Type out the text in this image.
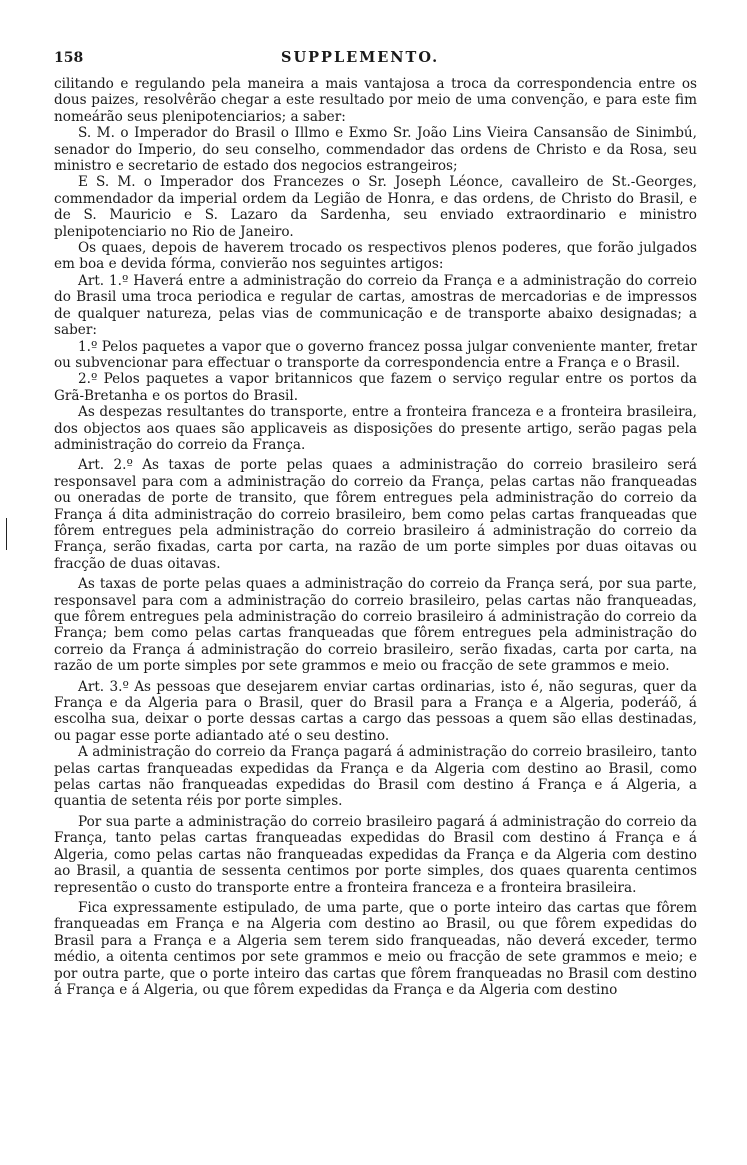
158	SUPPLEMENTO.

cilitando e regulando pela maneira a mais vantajosa a troca da correspondencia entre os dous paizes, resolvêrão chegar a este resultado por meio de uma convenção, e para este fim nomeárão seus plenipotenciarios; a saber:

S. M. o Imperador do Brasil o Illmo e Exmo Sr. João Lins Vieira Cansansão de Sinimbú, senador do Imperio, do seu conselho, commendador das ordens de Christo e da Rosa, seu ministro e secretario de estado dos negocios estrangeiros;

E S. M. o Imperador dos Francezes o Sr. Joseph Léonce, cavalleiro de St.-Georges, commendador da imperial ordem da Legião de Honra, e das ordens, de Christo do Brasil, e de S. Mauricio e S. Lazaro da Sardenha, seu enviado extraordinario e ministro plenipotenciario no Rio de Janeiro.

Os quaes, depois de haverem trocado os respectivos plenos poderes, que forão julgados em boa e devida fórma, convierão nos seguintes artigos:

Art. 1.º Haverá entre a administração do correio da França e a administração do correio do Brasil uma troca periodica e regular de cartas, amostras de mercadorias e de impressos de qualquer natureza, pelas vias de communicação e de transporte abaixo designadas; a saber:

1.º Pelos paquetes a vapor que o governo francez possa julgar conveniente manter, fretar ou subvencionar para effectuar o transporte da correspondencia entre a França e o Brasil.

2.º Pelos paquetes a vapor britannicos que fazem o serviço regular entre os portos da Grã-Bretanha e os portos do Brasil.

As despezas resultantes do transporte, entre a fronteira franceza e a fronteira brasileira, dos objectos aos quaes são applicaveis as disposições do presente artigo, serão pagas pela administração do correio da França.

Art. 2.º As taxas de porte pelas quaes a administração do correio brasileiro será responsavel para com a administração do correio da França, pelas cartas não franqueadas ou oneradas de porte de transito, que fôrem entregues pela administração do correio da França á dita administração do correio brasileiro, bem como pelas cartas franqueadas que fôrem entregues pela administração do correio brasileiro á administração do correio da França, serão fixadas, carta por carta, na razão de um porte simples por duas oitavas ou fracção de duas oitavas.

As taxas de porte pelas quaes a administração do correio da França será, por sua parte, responsavel para com a administração do correio brasileiro, pelas cartas não franqueadas, que fôrem entregues pela administração do correio brasileiro á administração do correio da França; bem como pelas cartas franqueadas que fôrem entregues pela administração do correio da França á administração do correio brasileiro, serão fixadas, carta por carta, na razão de um porte simples por sete grammos e meio ou fracção de sete grammos e meio.

Art. 3.º As pessoas que desejarem enviar cartas ordinarias, isto é, não seguras, quer da França e da Algeria para o Brasil, quer do Brasil para a França e a Algeria, poderáõ, á escolha sua, deixar o porte dessas cartas a cargo das pessoas a quem são ellas destinadas, ou pagar esse porte adiantado até o seu destino.

A administração do correio da França pagará á administração do correio brasileiro, tanto pelas cartas franqueadas expedidas da França e da Algeria com destino ao Brasil, como pelas cartas não franqueadas expedidas do Brasil com destino á França e á Algeria, a quantia de setenta réis por porte simples.

Por sua parte a administração do correio brasileiro pagará á administração do correio da França, tanto pelas cartas franqueadas expedidas do Brasil com destino á França e á Algeria, como pelas cartas não franqueadas expedidas da França e da Algeria com destino ao Brasil, a quantia de sessenta centimos por porte simples, dos quaes quarenta centimos representão o custo do transporte entre a fronteira franceza e a fronteira brasileira.

Fica expressamente estipulado, de uma parte, que o porte inteiro das cartas que fôrem franqueadas em França e na Algeria com destino ao Brasil, ou que fôrem expedidas do Brasil para a França e a Algeria sem terem sido franqueadas, não deverá exceder, termo médio, a oitenta centimos por sete grammos e meio ou fracção de sete grammos e meio; e por outra parte, que o porte inteiro das cartas que fôrem franqueadas no Brasil com destino á França e á Algeria, ou que fôrem expedidas da França e da Algeria com destino
